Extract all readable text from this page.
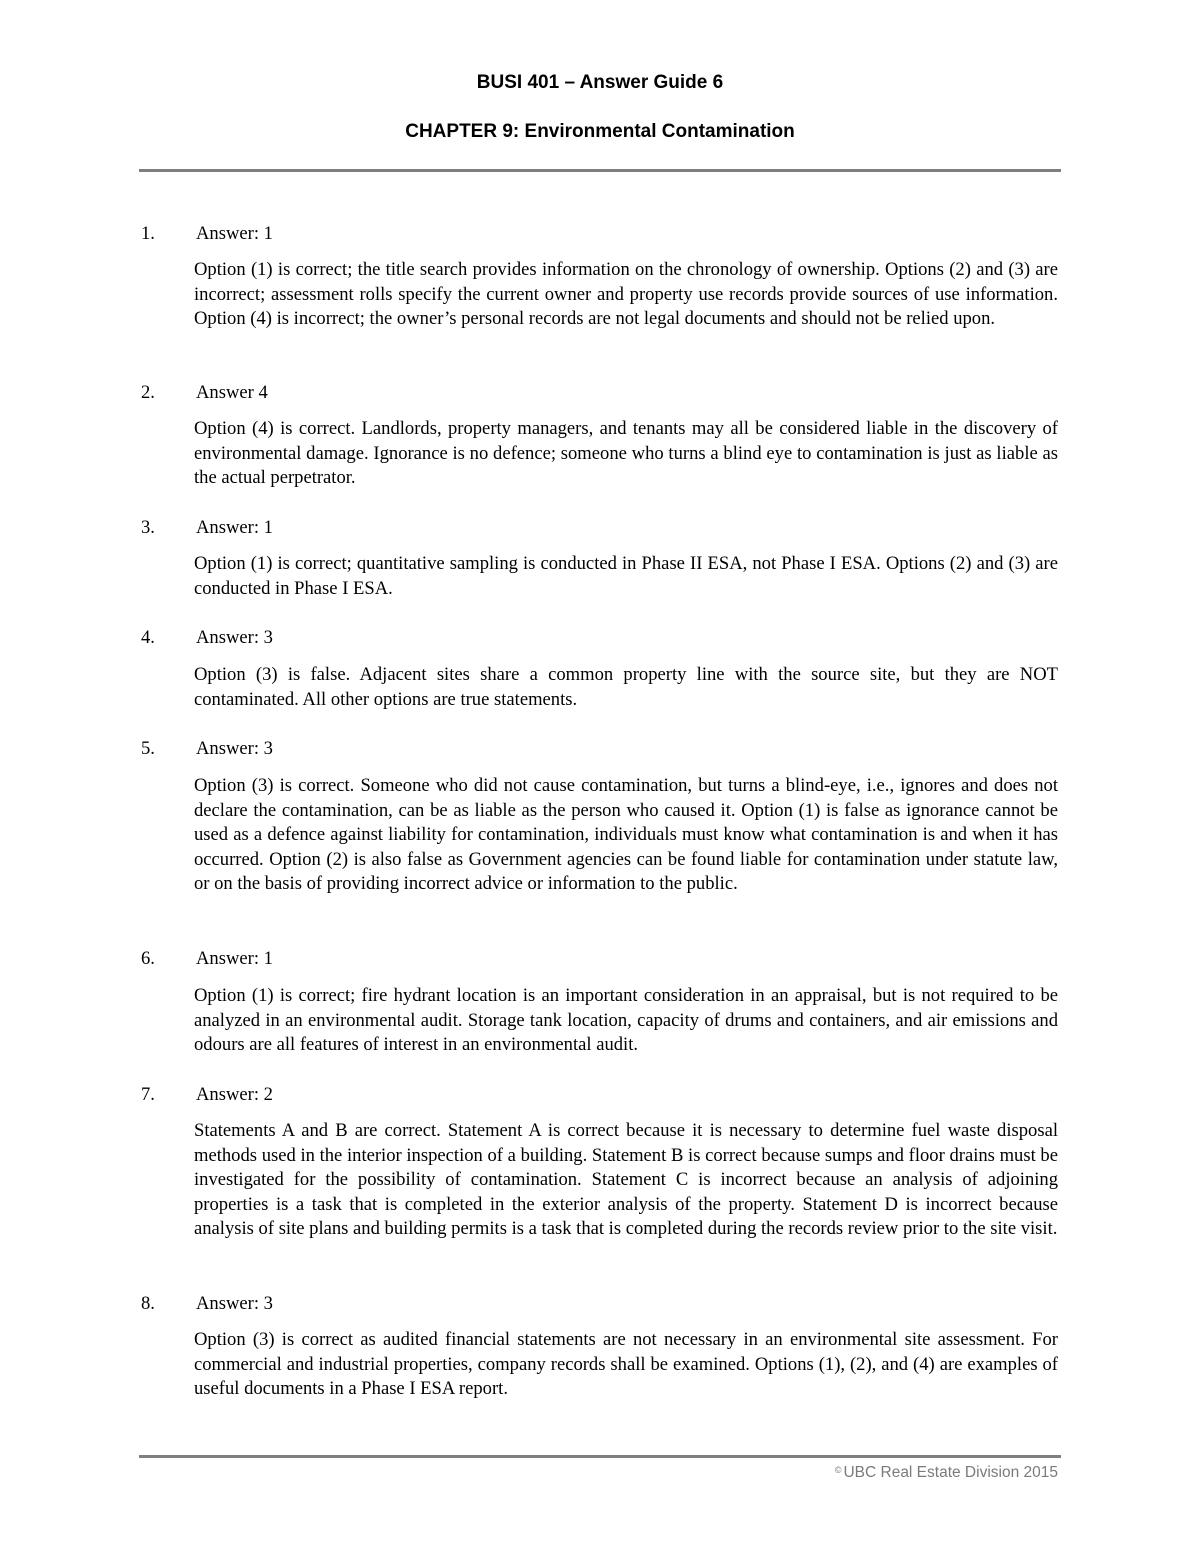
BUSI 401 – Answer Guide 6
CHAPTER 9: Environmental Contamination
1. Answer: 1
Option (1) is correct; the title search provides information on the chronology of ownership. Options (2) and (3) are incorrect; assessment rolls specify the current owner and property use records provide sources of use information. Option (4) is incorrect; the owner’s personal records are not legal documents and should not be relied upon.
2. Answer 4
Option (4) is correct. Landlords, property managers, and tenants may all be considered liable in the discovery of environmental damage. Ignorance is no defence; someone who turns a blind eye to contamination is just as liable as the actual perpetrator.
3. Answer: 1
Option (1) is correct; quantitative sampling is conducted in Phase II ESA, not Phase I ESA. Options (2) and (3) are conducted in Phase I ESA.
4. Answer: 3
Option (3) is false. Adjacent sites share a common property line with the source site, but they are NOT contaminated. All other options are true statements.
5. Answer: 3
Option (3) is correct. Someone who did not cause contamination, but turns a blind-eye, i.e., ignores and does not declare the contamination, can be as liable as the person who caused it. Option (1) is false as ignorance cannot be used as a defence against liability for contamination, individuals must know what contamination is and when it has occurred. Option (2) is also false as Government agencies can be found liable for contamination under statute law, or on the basis of providing incorrect advice or information to the public.
6. Answer: 1
Option (1) is correct; fire hydrant location is an important consideration in an appraisal, but is not required to be analyzed in an environmental audit. Storage tank location, capacity of drums and containers, and air emissions and odours are all features of interest in an environmental audit.
7. Answer: 2
Statements A and B are correct. Statement A is correct because it is necessary to determine fuel waste disposal methods used in the interior inspection of a building. Statement B is correct because sumps and floor drains must be investigated for the possibility of contamination. Statement C is incorrect because an analysis of adjoining properties is a task that is completed in the exterior analysis of the property. Statement D is incorrect because analysis of site plans and building permits is a task that is completed during the records review prior to the site visit.
8. Answer: 3
Option (3) is correct as audited financial statements are not necessary in an environmental site assessment. For commercial and industrial properties, company records shall be examined. Options (1), (2), and (4) are examples of useful documents in a Phase I ESA report.
© UBC Real Estate Division 2015
